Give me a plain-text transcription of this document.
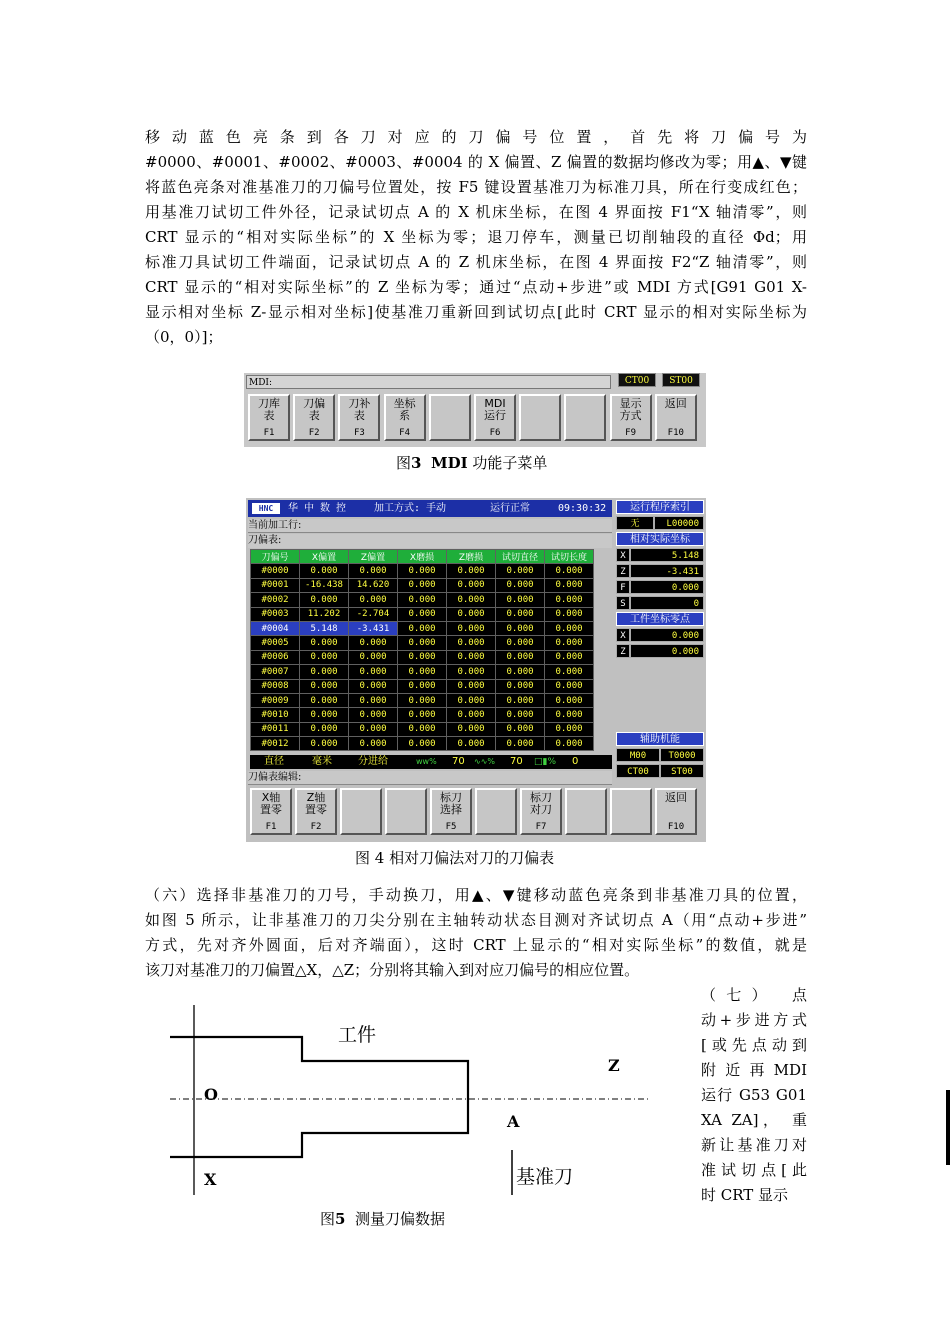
移 动 蓝 色 亮 条 到 各 刀 对 应 的 刀 偏 号 位 置 ， 首 先 将 刀 偏 号 为

#0000、#0001、#0002、#0003、#0004 的 X 偏置、Z 偏置的数据均修改为零；用▲、▼键

将蓝色亮条对准基准刀的刀偏号位置处，按 F5 键设置基准刀为标准刀具，所在行变成红色；

用基准刀试切工件外径，记录试切点 A 的 X 机床坐标，在图 4 界面按 F1“X 轴清零”，则

CRT 显示的“相对实际坐标”的 X 坐标为零；退刀停车，测量已切削轴段的直径 Φd；用

标准刀具试切工件端面，记录试切点 A 的 Z 机床坐标，在图 4 界面按 F2“Z 轴清零”，则

CRT 显示的“相对实际坐标”的 Z 坐标为零；通过“点动+步进”或 MDI 方式[G91 G01 X-

显示相对坐标 Z-显示相对坐标]使基准刀重新回到试切点[此时 CRT 显示的相对实际坐标为

（0，0）]；

MDI:	CT00	ST00
刀库
表
F1
刀偏
表
F2
刀补
表
F3
坐标
系
F4
MDI
运行
F6
显示
方式
F9
返回
F10
图3 MDI 功能子菜单
HNC	华 中 数 控	加工方式: 手动	运行正常	09:30:32
当前加工行:
刀偏表:
刀偏号	X偏置	Z偏置	X磨损	Z磨损	试切直径	试切长度
#0000	0.000	0.000	0.000	0.000	0.000	0.000
#0001	-16.438	14.620	0.000	0.000	0.000	0.000
#0002	0.000	0.000	0.000	0.000	0.000	0.000
#0003	11.202	-2.704	0.000	0.000	0.000	0.000
#0004	5.148	-3.431	0.000	0.000	0.000	0.000
#0005	0.000	0.000	0.000	0.000	0.000	0.000
#0006	0.000	0.000	0.000	0.000	0.000	0.000
#0007	0.000	0.000	0.000	0.000	0.000	0.000
#0008	0.000	0.000	0.000	0.000	0.000	0.000
#0009	0.000	0.000	0.000	0.000	0.000	0.000
#0010	0.000	0.000	0.000	0.000	0.000	0.000
#0011	0.000	0.000	0.000	0.000	0.000	0.000
#0012	0.000	0.000	0.000	0.000	0.000	0.000
直径	毫米	分进给	ᴡᴡ% 70 ∿∿% 70 □▮% 0
刀偏表编辑:
运行程序索引
无	L00000
相对实际坐标
X	5.148
Z	-3.431
F	0.000
S	0
工件坐标零点
X	0.000
Z	0.000
辅助机能
M00	T0000
CT00	ST00
X轴
置零
F1
Z轴
置零
F2
标刀
选择
F5
标刀
对刀
F7
返回
F10
图 4 相对刀偏法对刀的刀偏表

（六）选择非基准刀的刀号，手动换刀，用▲、▼键移动蓝色亮条到非基准刀具的位置，

如图 5 所示，让非基准刀的刀尖分别在主轴转动状态目测对齐试切点 A（用“点动+步进”

方式，先对齐外圆面，后对齐端面），这时 CRT 上显示的“相对实际坐标”的数值，就是

该刀对基准刀的刀偏置△X，△Z；分别将其输入到对应刀偏号的相应位置。

（七） 点

动+步进方式

[或先点动到

附 近 再 MDI

运行 G53 G01

XA ZA]， 重

新让基准刀对

准试切点[此

时 CRT 显示

工件
O
Z
A
X	基准刀
图5 测量刀偏数据
